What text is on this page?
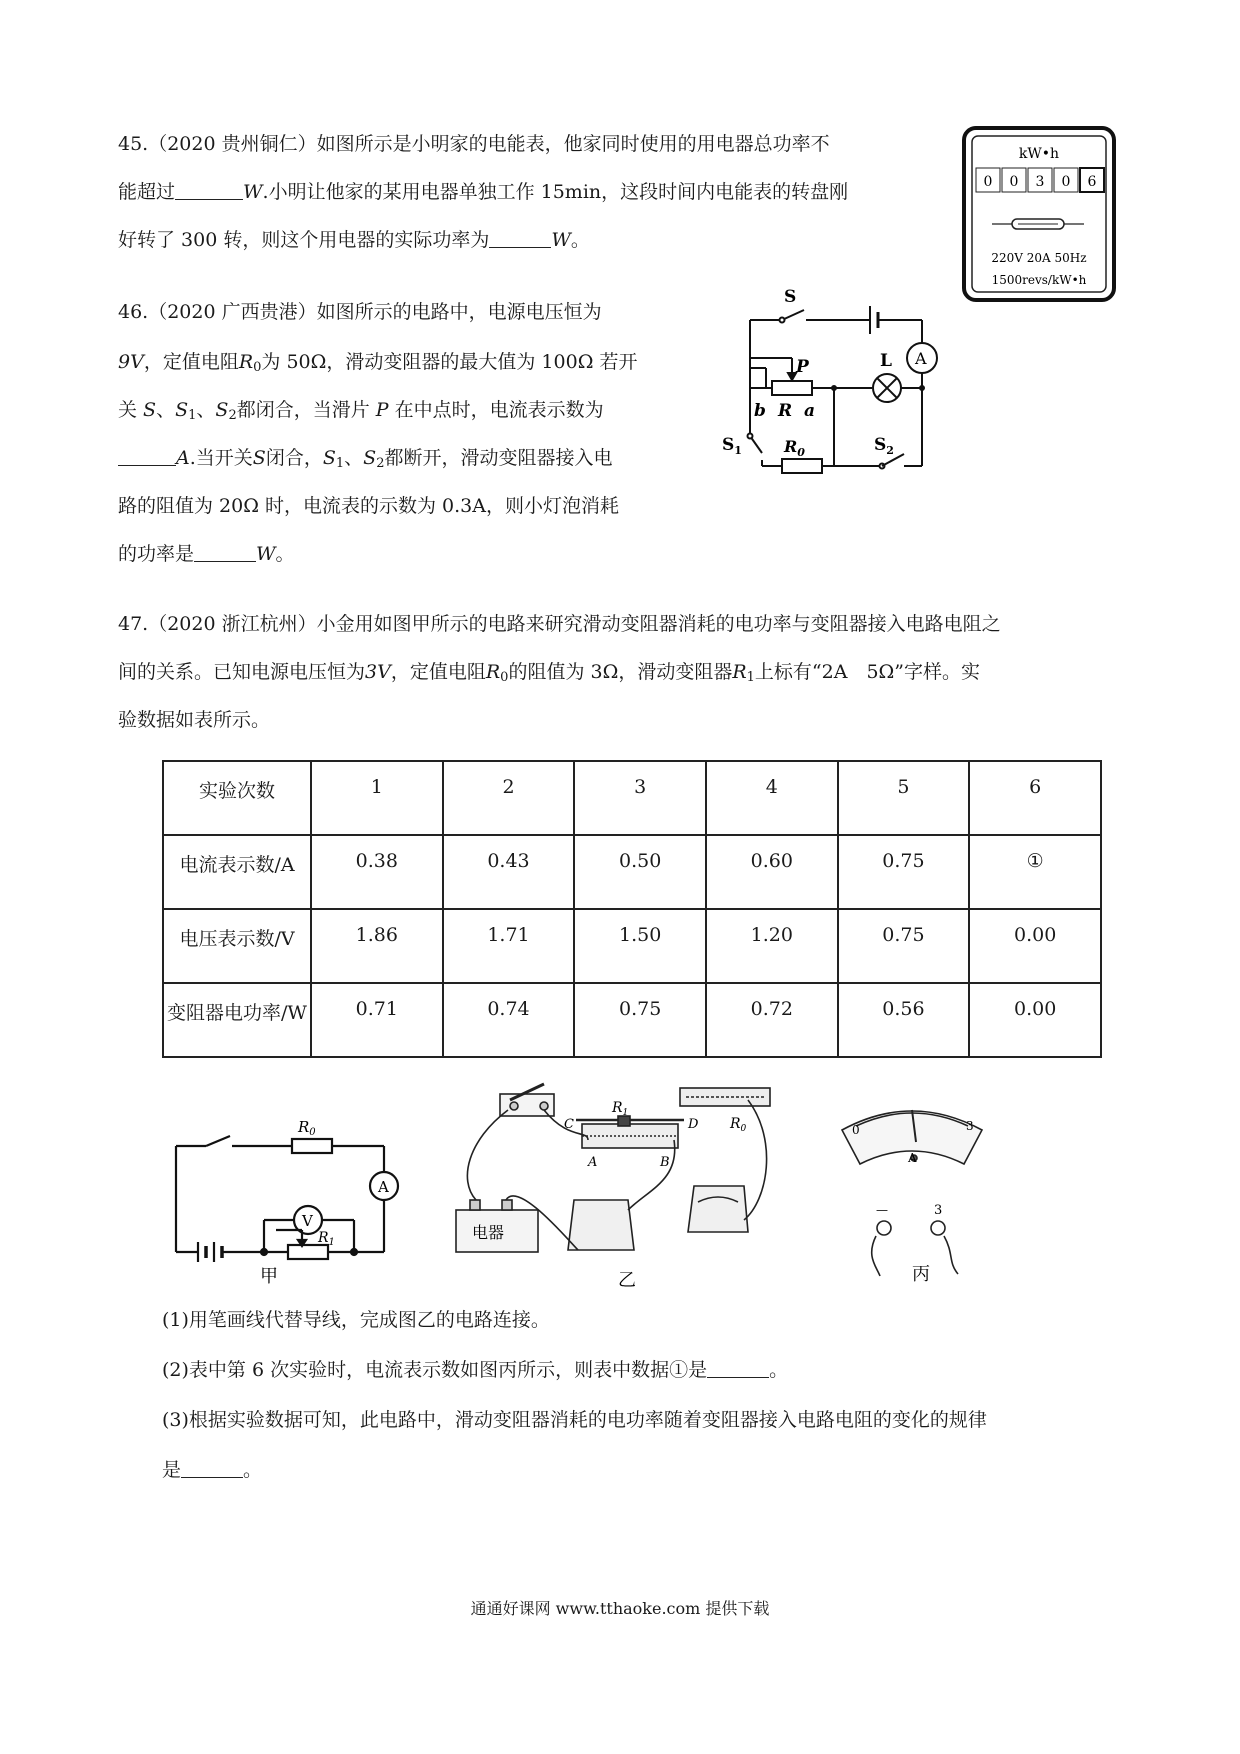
45.（2020 贵州铜仁）如图所示是小明家的电能表，他家同时使用的用电器总功率不
能超过	W.小明让他家的某用电器单独工作 15min，这段时间内电能表的转盘刚
好转了 300 转，则这个用电器的实际功率为	W。
kW•h
0 0 3 0 6
220V 20A 50Hz
1500revs/kW•h
46.（2020 广西贵港）如图所示的电路中，电源电压恒为
9V，定值电阻$R_0$为 50Ω，滑动变阻器的最大值为 100Ω 若开
关 S、$S_1$、$S_2$都闭合，当滑片 P 在中点时，电流表示数为
A.当开关S闭合，$S_1$、$S_2$都断开，滑动变阻器接入电
路的阻值为 20Ω 时，电流表的示数为 0.3A，则小灯泡消耗
的功率是	W。
S
A
P	L
b R a
$S_1$	$R_0$	$S_2$
47.（2020 浙江杭州）小金用如图甲所示的电路来研究滑动变阻器消耗的电功率与变阻器接入电路电阻之
间的关系。已知电源电压恒为3V，定值电阻$R_0$的阻值为 3Ω，滑动变阻器$R_1$上标有“2A　5Ω”字样。实
验数据如表所示。
实验次数	1	2	3	4	5	6
电流表示数/A	0.38	0.43	0.50	0.60	0.75	①
电压表示数/V	1.86	1.71	1.50	1.20	0.75	0.00
变阻器电功率/W	0.71	0.74	0.75	0.72	0.56	0.00
$R_0$
A
V
$R_1$
甲
$R_1$
C	D
A	B
$R_0$
电器
乙
0	3
A
—	3
丙
(1)用笔画线代替导线，完成图乙的电路连接。
(2)表中第 6 次实验时，电流表示数如图丙所示，则表中数据①是	。
(3)根据实验数据可知，此电路中，滑动变阻器消耗的电功率随着变阻器接入电路电阻的变化的规律
是	。
通通好课网 www.tthaoke.com 提供下载
